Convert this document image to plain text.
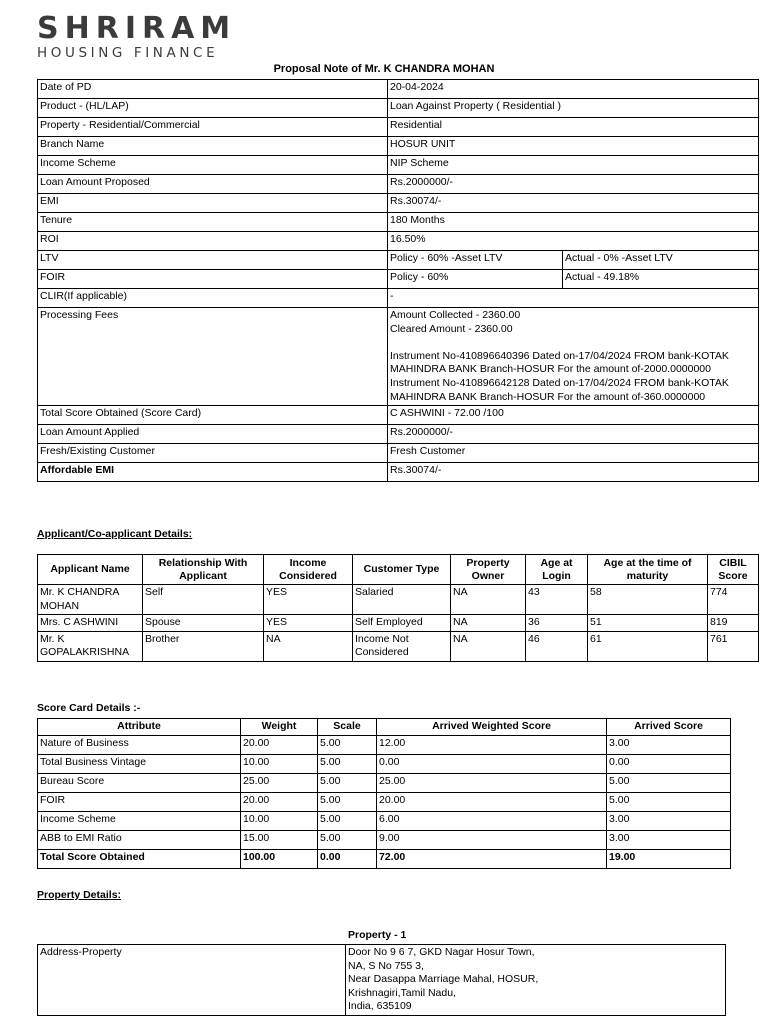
SHRIRAM
HOUSING FINANCE
Proposal Note of Mr. K CHANDRA MOHAN
Date of PD	20-04-2024	
Product - (HL/LAP)	Loan Against Property ( Residential )	
Property - Residential/Commercial	Residential	
Branch Name	HOSUR UNIT	
Income Scheme	NIP Scheme	
Loan Amount Proposed	Rs.2000000/-	
EMI	Rs.30074/-	
Tenure	180 Months	
ROI	16.50%	
LTV	Policy - 60% -Asset LTV	Actual - 0% -Asset LTV
FOIR	Policy - 60%	Actual - 49.18%
CLIR(If applicable)	-	
Processing Fees	Amount Collected - 2360.00
Cleared Amount - 2360.00
Instrument No-410896640396 Dated on-17/04/2024 FROM bank-KOTAK MAHINDRA BANK Branch-HOSUR For the amount of-2000.0000000
Instrument No-410896642128 Dated on-17/04/2024 FROM bank-KOTAK MAHINDRA BANK Branch-HOSUR For the amount of-360.0000000	

Total Score Obtained (Score Card)	C ASHWINI - 72.00 /100	
Loan Amount Applied	Rs.2000000/-	
Fresh/Existing Customer	Fresh Customer	
Affordable EMI	Rs.30074/-	
Applicant/Co-applicant Details:
Applicant Name	Relationship With Applicant	Income Considered	Customer Type	Property Owner	Age at Login	Age at the time of maturity	CIBIL Score
Mr. K CHANDRA MOHAN	Self	YES	Salaried	NA	43	58	774
Mrs. C ASHWINI	Spouse	YES	Self Employed	NA	36	51	819
Mr. K GOPALAKRISHNA	Brother	NA	Income Not Considered	NA	46	61	761
Score Card Details :-
Attribute	Weight	Scale	Arrived Weighted Score	Arrived Score
Nature of Business	20.00	5.00	12.00	3.00
Total Business Vintage	10.00	5.00	0.00	0.00
Bureau Score	25.00	5.00	25.00	5.00
FOIR	20.00	5.00	20.00	5.00
Income Scheme	10.00	5.00	6.00	3.00
ABB to EMI Ratio	15.00	5.00	9.00	3.00
Total Score Obtained	100.00	0.00	72.00	19.00
Property Details:
Property - 1
Address-Property	Door No 9 6 7, GKD Nagar Hosur Town,
NA, S No 755 3,
Near Dasappa Marriage Mahal, HOSUR,
Krishnagiri,Tamil Nadu,
India, 635109
